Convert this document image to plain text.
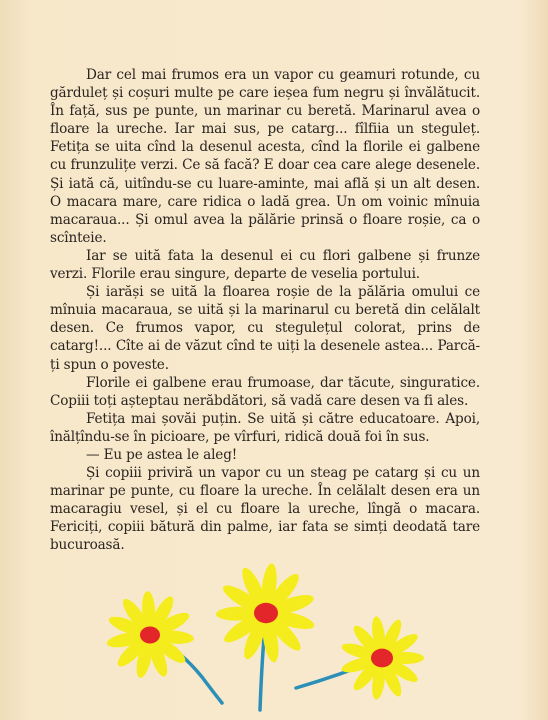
Dar cel mai frumos era un vapor cu geamuri rotunde, cu gărduleț și coșuri multe pe care ieșea fum negru și învălătucit. În față, sus pe punte, un marinar cu beretă. Marinarul avea o floare la ureche. Iar mai sus, pe catarg... fîlfiia un steguleț. Fetița se uita cînd la desenul acesta, cînd la florile ei galbene cu frunzulițe verzi. Ce să facă? E doar cea care alege desenele. Și iată că, uitîndu-se cu luare-aminte, mai află și un alt desen. O macara mare, care ridica o ladă grea. Un om voinic mînuia macaraua... Și omul avea la pălărie prinsă o floare roșie, ca o scînteie.

Iar se uită fata la desenul ei cu flori galbene și frunze verzi. Florile erau singure, departe de veselia portului.

Și iarăși se uită la floarea roșie de la pălăria omului ce mînuia macaraua, se uită și la marinarul cu beretă din celălalt desen. Ce frumos vapor, cu stegulețul colorat, prins de catarg!... Cîte ai de văzut cînd te uiți la desenele astea... Parcă-ți spun o poveste.

Florile ei galbene erau frumoase, dar tăcute, singuratice. Copiii toți așteptau nerăbdători, să vadă care desen va fi ales.

Fetița mai șovăi puțin. Se uită și către educatoare. Apoi, înălțîndu-se în picioare, pe vîrfuri, ridică două foi în sus.

— Eu pe astea le aleg!

Și copiii priviră un vapor cu un steag pe catarg și cu un marinar pe punte, cu floare la ureche. În celălalt desen era un macaragiu vesel, și el cu floare la ureche, lîngă o macara. Fericiți, copiii bătură din palme, iar fata se simți deodată tare bucuroasă.
